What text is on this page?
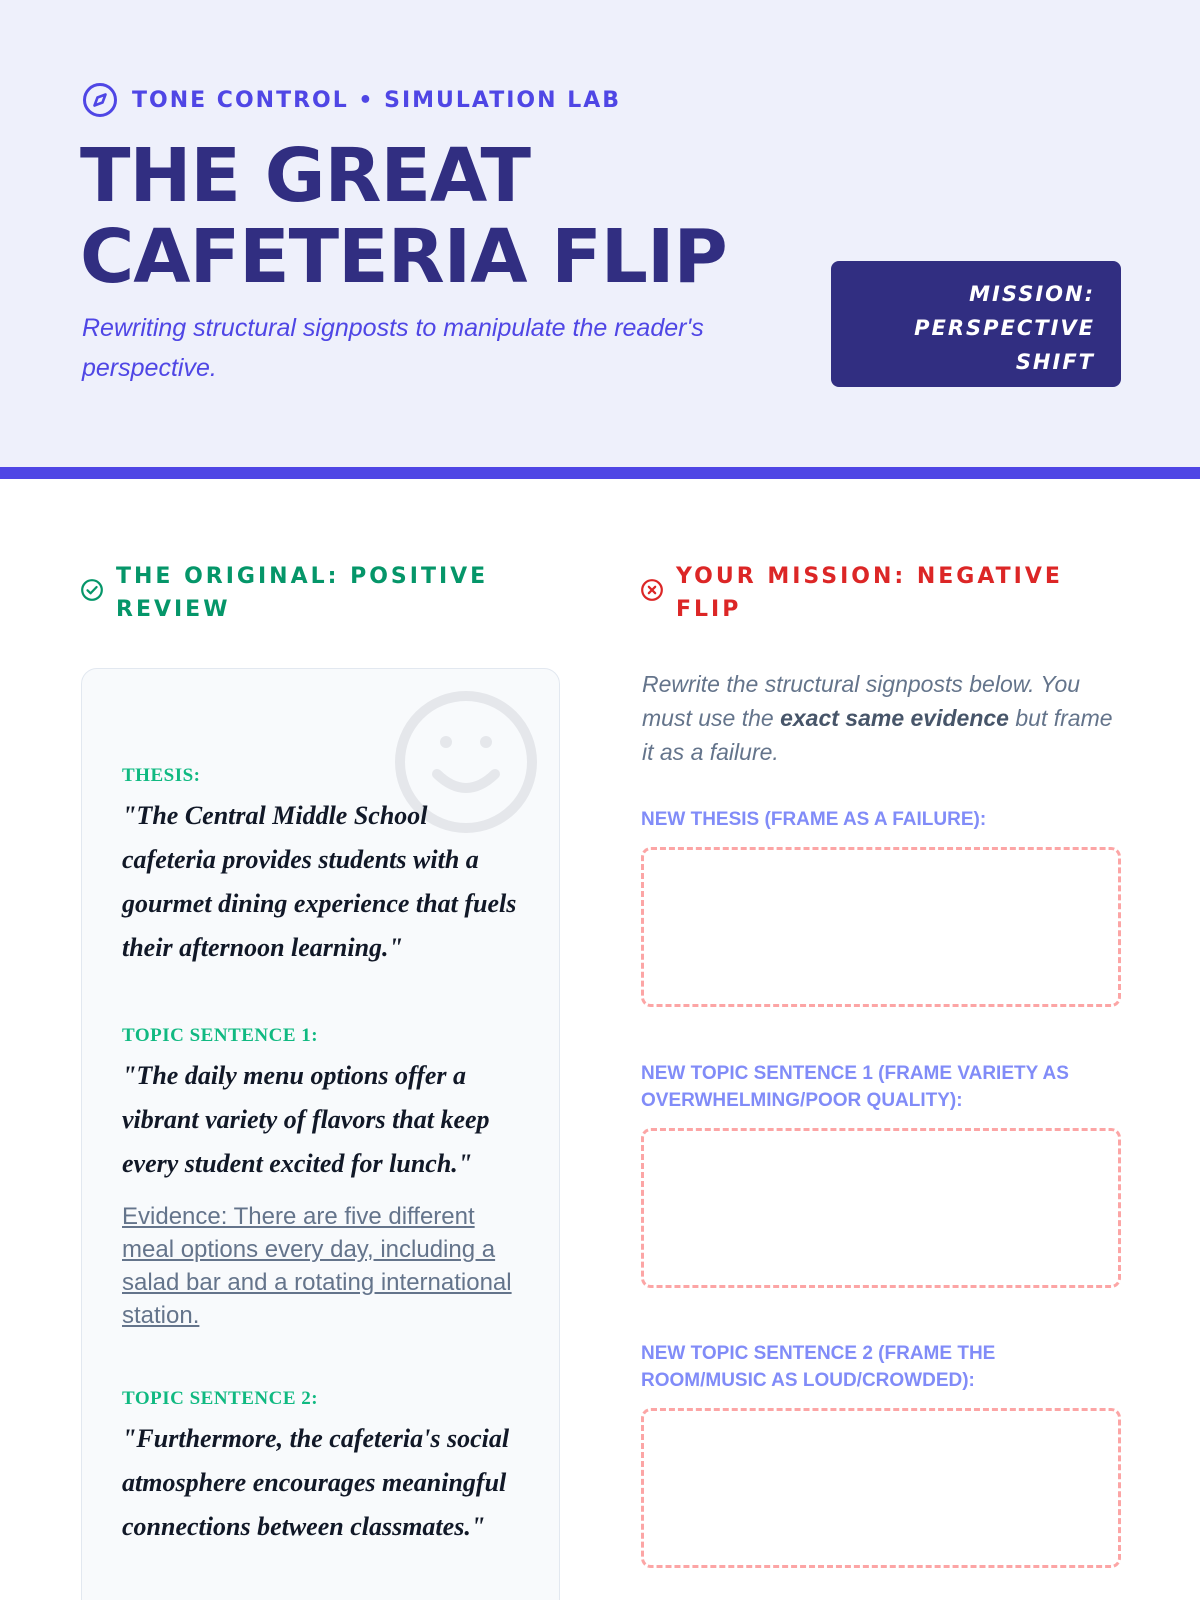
TONE CONTROL • SIMULATION LAB
THE GREAT
CAFETERIA FLIP

Rewriting structural signposts to manipulate the reader's perspective.

MISSION:
PERSPECTIVE
SHIFT
THE ORIGINAL: POSITIVE REVIEW
YOUR MISSION: NEGATIVE FLIP
THESIS:
"The Central Middle School cafeteria provides students with a gourmet dining experience that fuels their afternoon learning."
TOPIC SENTENCE 1:
"The daily menu options offer a vibrant variety of flavors that keep every student excited for lunch."
Evidence: There are five different meal options every day, including a salad bar and a rotating international station.
TOPIC SENTENCE 2:
"Furthermore, the cafeteria's social atmosphere encourages meaningful connections between classmates."

Rewrite the structural signposts below. You must use the exact same evidence but frame it as a failure.

NEW THESIS (FRAME AS A FAILURE):
NEW TOPIC SENTENCE 1 (FRAME VARIETY AS OVERWHELMING/POOR QUALITY):
NEW TOPIC SENTENCE 2 (FRAME THE ROOM/MUSIC AS LOUD/CROWDED):
